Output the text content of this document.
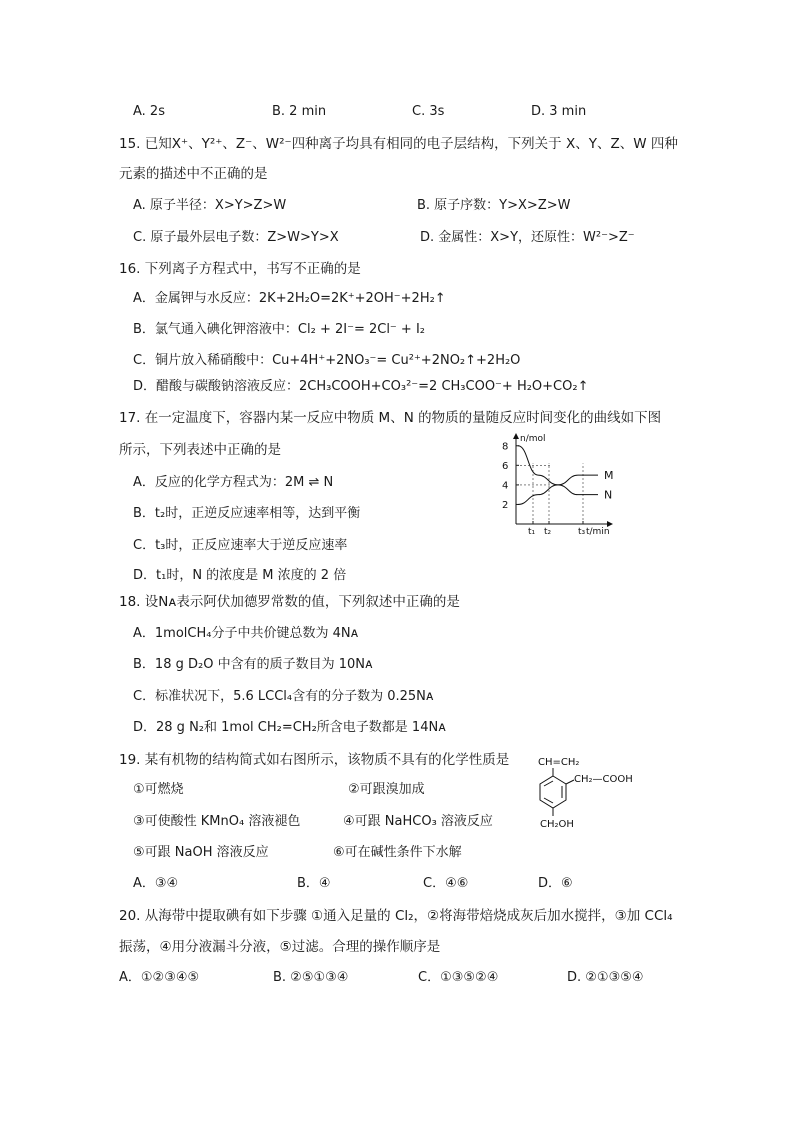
A. 2s	B. 2 min	C. 3s	D. 3 min
15. 已知X⁺、Y²⁺、Z⁻、W²⁻四种离子均具有相同的电子层结构，下列关于 X、Y、Z、W 四种
元素的描述中不正确的是
A. 原子半径：X>Y>Z>W	B. 原子序数：Y>X>Z>W
C. 原子最外层电子数：Z>W>Y>X	D. 金属性：X>Y，还原性：W²⁻>Z⁻
16. 下列离子方程式中，书写不正确的是
A．金属钾与水反应：2K+2H₂O=2K⁺+2OH⁻+2H₂↑
B．氯气通入碘化钾溶液中：Cl₂ + 2I⁻= 2Cl⁻ + I₂
C．铜片放入稀硝酸中：Cu+4H⁺+2NO₃⁻= Cu²⁺+2NO₂↑+2H₂O
D．醋酸与碳酸钠溶液反应：2CH₃COOH+CO₃²⁻=2 CH₃COO⁻+ H₂O+CO₂↑
17. 在一定温度下，容器内某一反应中物质 M、N 的物质的量随反应时间变化的曲线如下图
所示，下列表述中正确的是
A．反应的化学方程式为：2M ⇌ N
B．t₂时，正逆反应速率相等，达到平衡
C．t₃时，正反应速率大于逆反应速率
D．t₁时，N 的浓度是 M 浓度的 2 倍
n/mol
t/min
2
4
6
8
t₁ t₂	t₃
M
N
18. 设Nᴀ表示阿伏加德罗常数的值，下列叙述中正确的是
A．1molCH₄分子中共价键总数为 4Nᴀ
B．18 g D₂O 中含有的质子数目为 10Nᴀ
C．标准状况下，5.6 LCCl₄含有的分子数为 0.25Nᴀ
D．28 g N₂和 1mol CH₂=CH₂所含电子数都是 14Nᴀ
19. 某有机物的结构简式如右图所示，该物质不具有的化学性质是
①可燃烧	②可跟溴加成
③可使酸性 KMnO₄ 溶液褪色	④可跟 NaHCO₃ 溶液反应
⑤可跟 NaOH 溶液反应	⑥可在碱性条件下水解
A．③④	B．④	C．④⑥	D．⑥
CH=CH₂
CH₂—COOH
CH₂OH
20. 从海带中提取碘有如下步骤 ①通入足量的 Cl₂，②将海带焙烧成灰后加水搅拌，③加 CCl₄
振荡，④用分液漏斗分液，⑤过滤。合理的操作顺序是
A．①②③④⑤	B. ②⑤①③④	C．①③⑤②④	D. ②①③⑤④
